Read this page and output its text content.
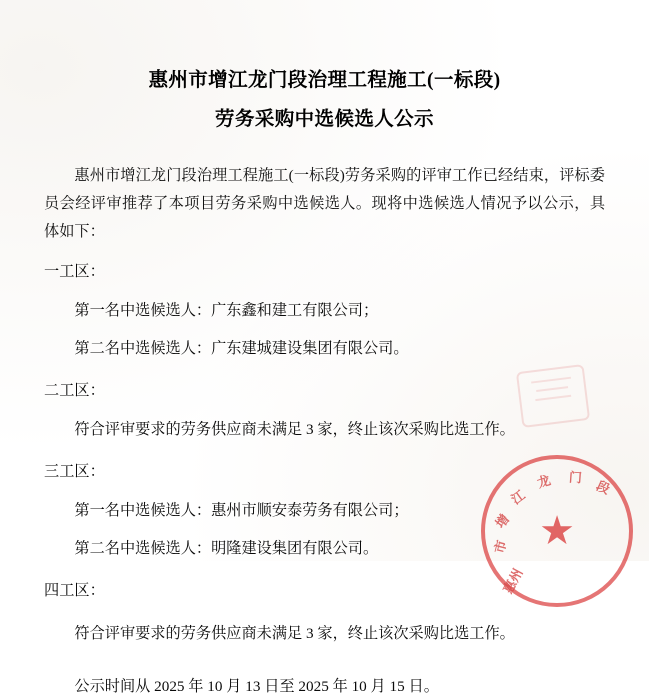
惠州市增江龙门段治理工程施工(一标段)
劳务采购中选候选人公示

惠州市增江龙门段治理工程施工(一标段)劳务采购的评审工作已经结束，评标委员会经评审推荐了本项目劳务采购中选候选人。现将中选候选人情况予以公示，具体如下：

一工区：

第一名中选候选人：广东鑫和建工有限公司；

第二名中选候选人：广东建城建设集团有限公司。

二工区：

符合评审要求的劳务供应商未满足 3 家，终止该次采购比选工作。

三工区：

第一名中选候选人：惠州市顺安泰劳务有限公司；

第二名中选候选人：明隆建设集团有限公司。

四工区：

符合评审要求的劳务供应商未满足 3 家，终止该次采购比选工作。

公示时间从 2025 年 10 月 13 日至 2025 年 10 月 15 日。

惠州
市
增
江
龙 门
段
★
